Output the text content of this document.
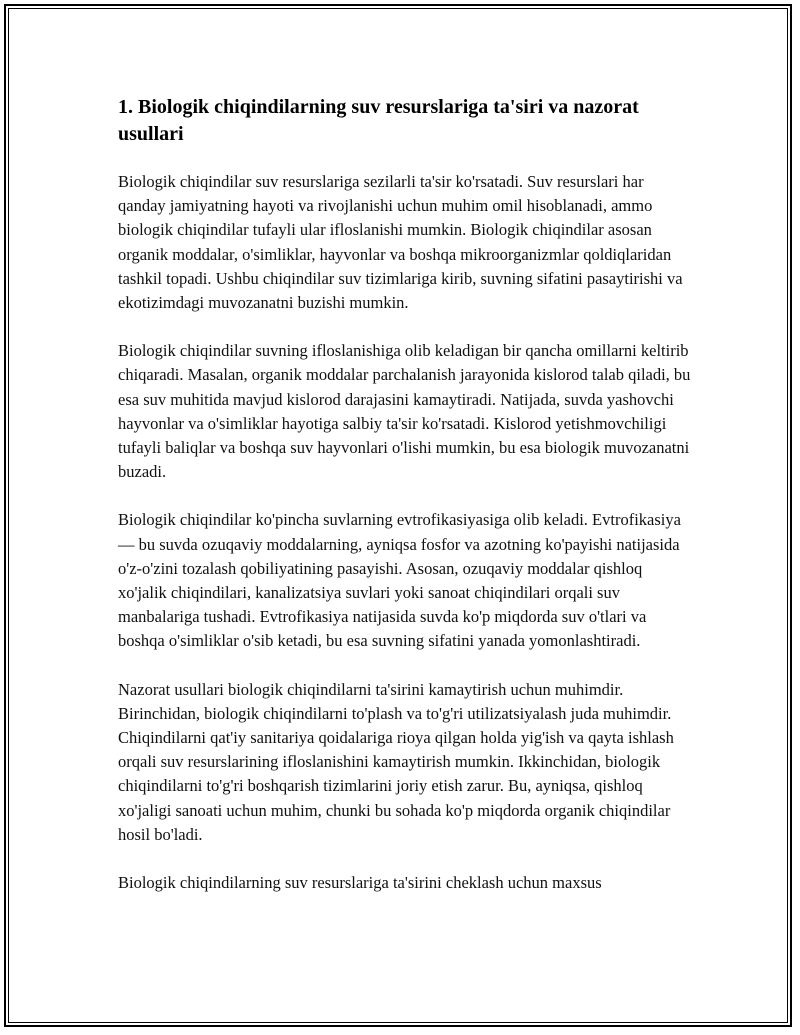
1. Biologik chiqindilarning suv resurslariga ta'siri va nazorat usullari

Biologik chiqindilar suv resurslariga sezilarli ta'sir ko'rsatadi. Suv resurslari har qanday jamiyatning hayoti va rivojlanishi uchun muhim omil hisoblanadi, ammo biologik chiqindilar tufayli ular ifloslanishi mumkin. Biologik chiqindilar asosan organik moddalar, o'simliklar, hayvonlar va boshqa mikroorganizmlar qoldiqlaridan tashkil topadi. Ushbu chiqindilar suv tizimlariga kirib, suvning sifatini pasaytirishi va ekotizimdagi muvozanatni buzishi mumkin.

Biologik chiqindilar suvning ifloslanishiga olib keladigan bir qancha omillarni keltirib chiqaradi. Masalan, organik moddalar parchalanish jarayonida kislorod talab qiladi, bu esa suv muhitida mavjud kislorod darajasini kamaytiradi. Natijada, suvda yashovchi hayvonlar va o'simliklar hayotiga salbiy ta'sir ko'rsatadi. Kislorod yetishmovchiligi tufayli baliqlar va boshqa suv hayvonlari o'lishi mumkin, bu esa biologik muvozanatni buzadi.

Biologik chiqindilar ko'pincha suvlarning evtrofikasiyasiga olib keladi. Evtrofikasiya — bu suvda ozuqaviy moddalarning, ayniqsa fosfor va azotning ko'payishi natijasida o'z-o'zini tozalash qobiliyatining pasayishi. Asosan, ozuqaviy moddalar qishloq xo'jalik chiqindilari, kanalizatsiya suvlari yoki sanoat chiqindilari orqali suv manbalariga tushadi. Evtrofikasiya natijasida suvda ko'p miqdorda suv o'tlari va boshqa o'simliklar o'sib ketadi, bu esa suvning sifatini yanada yomonlashtiradi.

Nazorat usullari biologik chiqindilarni ta'sirini kamaytirish uchun muhimdir. Birinchidan, biologik chiqindilarni to'plash va to'g'ri utilizatsiyalash juda muhimdir. Chiqindilarni qat'iy sanitariya qoidalariga rioya qilgan holda yig'ish va qayta ishlash orqali suv resurslarining ifloslanishini kamaytirish mumkin. Ikkinchidan, biologik chiqindilarni to'g'ri boshqarish tizimlarini joriy etish zarur. Bu, ayniqsa, qishloq xo'jaligi sanoati uchun muhim, chunki bu sohada ko'p miqdorda organik chiqindilar hosil bo'ladi.

Biologik chiqindilarning suv resurslariga ta'sirini cheklash uchun maxsus
